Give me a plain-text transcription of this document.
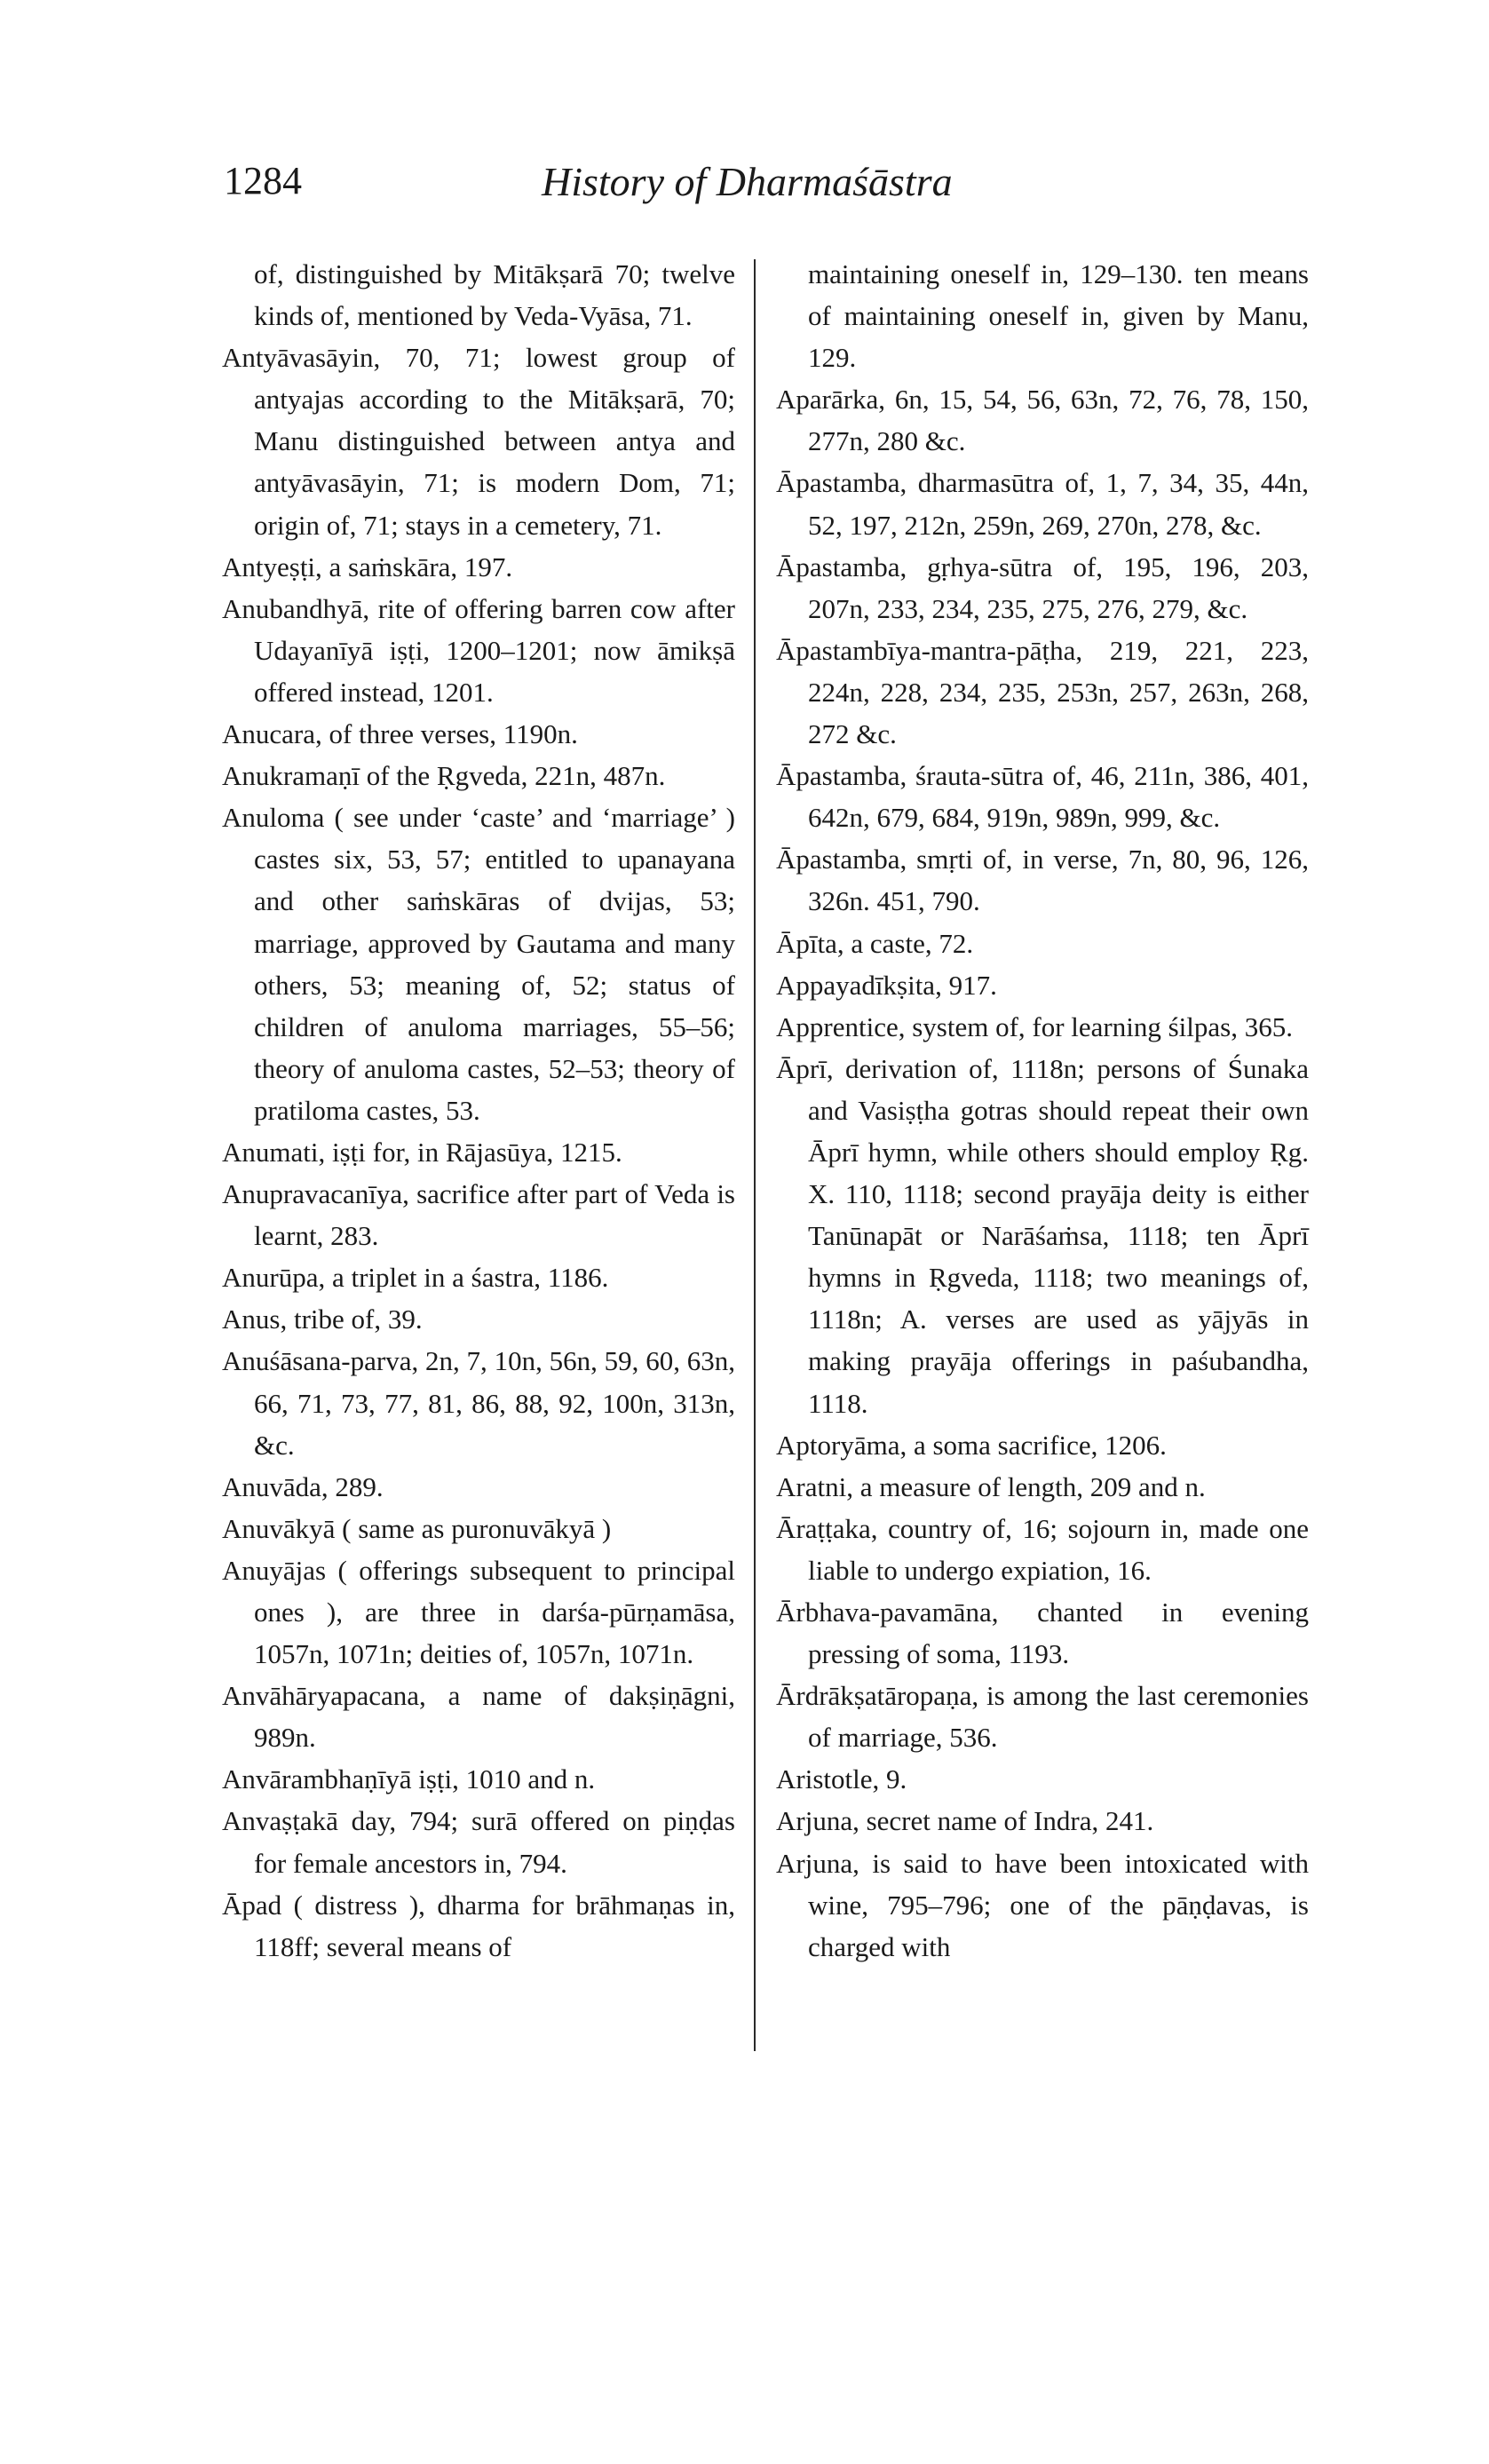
1284	History of Dharmaśāstra

of, distinguished by Mitākṣarā 70; twelve kinds of, mentioned by Veda-Vyāsa, 71.

Antyāvasāyin, 70, 71; lowest group of antyajas according to the Mitākṣarā, 70; Manu distinguished between antya and antyāvasāyin, 71; is modern Dom, 71; origin of, 71; stays in a cemetery, 71.

Antyeṣṭi, a saṁskāra, 197.

Anubandhyā, rite of offering barren cow after Udayanīyā iṣṭi, 1200–1201; now āmikṣā offered instead, 1201.

Anucara, of three verses, 1190n.

Anukramaṇī of the Ṛgveda, 221n, 487n.

Anuloma ( see under ‘caste’ and ‘marriage’ ) castes six, 53, 57; entitled to upanayana and other saṁskāras of dvijas, 53; marriage, approved by Gautama and many others, 53; meaning of, 52; status of children of anuloma marriages, 55–56; theory of anuloma castes, 52–53; theory of pratiloma castes, 53.

Anumati, iṣṭi for, in Rājasūya, 1215.

Anupravacanīya, sacrifice after part of Veda is learnt, 283.

Anurūpa, a triplet in a śastra, 1186.

Anus, tribe of, 39.

Anuśāsana-parva, 2n, 7, 10n, 56n, 59, 60, 63n, 66, 71, 73, 77, 81, 86, 88, 92, 100n, 313n, &c.

Anuvāda, 289.

Anuvākyā ( same as puronuvākyā )

Anuyājas ( offerings subsequent to principal ones ), are three in darśa-pūrṇamāsa, 1057n, 1071n; deities of, 1057n, 1071n.

Anvāhāryapacana, a name of dakṣiṇāgni, 989n.

Anvārambhaṇīyā iṣṭi, 1010 and n.

Anvaṣṭakā day, 794; surā offered on piṇḍas for female ancestors in, 794.

Āpad ( distress ), dharma for brāhmaṇas in, 118ff; several means of

maintaining oneself in, 129–130. ten means of maintaining oneself in, given by Manu, 129.

Aparārka, 6n, 15, 54, 56, 63n, 72, 76, 78, 150, 277n, 280 &c.

Āpastamba, dharmasūtra of, 1, 7, 34, 35, 44n, 52, 197, 212n, 259n, 269, 270n, 278, &c.

Āpastamba, gṛhya-sūtra of, 195, 196, 203, 207n, 233, 234, 235, 275, 276, 279, &c.

Āpastambīya-mantra-pāṭha, 219, 221, 223, 224n, 228, 234, 235, 253n, 257, 263n, 268, 272 &c.

Āpastamba, śrauta-sūtra of, 46, 211n, 386, 401, 642n, 679, 684, 919n, 989n, 999, &c.

Āpastamba, smṛti of, in verse, 7n, 80, 96, 126, 326n. 451, 790.

Āpīta, a caste, 72.

Appayadīkṣita, 917.

Apprentice, system of, for learning śilpas, 365.

Āprī, derivation of, 1118n; persons of Śunaka and Vasiṣṭha gotras should repeat their own Āprī hymn, while others should employ Ṛg. X. 110, 1118; second prayāja deity is either Tanūnapāt or Narāśaṁsa, 1118; ten Āprī hymns in Ṛgveda, 1118; two meanings of, 1118n; A. verses are used as yājyās in making prayāja offerings in paśubandha, 1118.

Aptoryāma, a soma sacrifice, 1206.

Aratni, a measure of length, 209 and n.

Āraṭṭaka, country of, 16; sojourn in, made one liable to undergo expiation, 16.

Ārbhava-pavamāna, chanted in evening pressing of soma, 1193.

Ārdrākṣatāropaṇa, is among the last ceremonies of marriage, 536.

Aristotle, 9.

Arjuna, secret name of Indra, 241.

Arjuna, is said to have been intoxicated with wine, 795–796; one of the pāṇḍavas, is charged with
